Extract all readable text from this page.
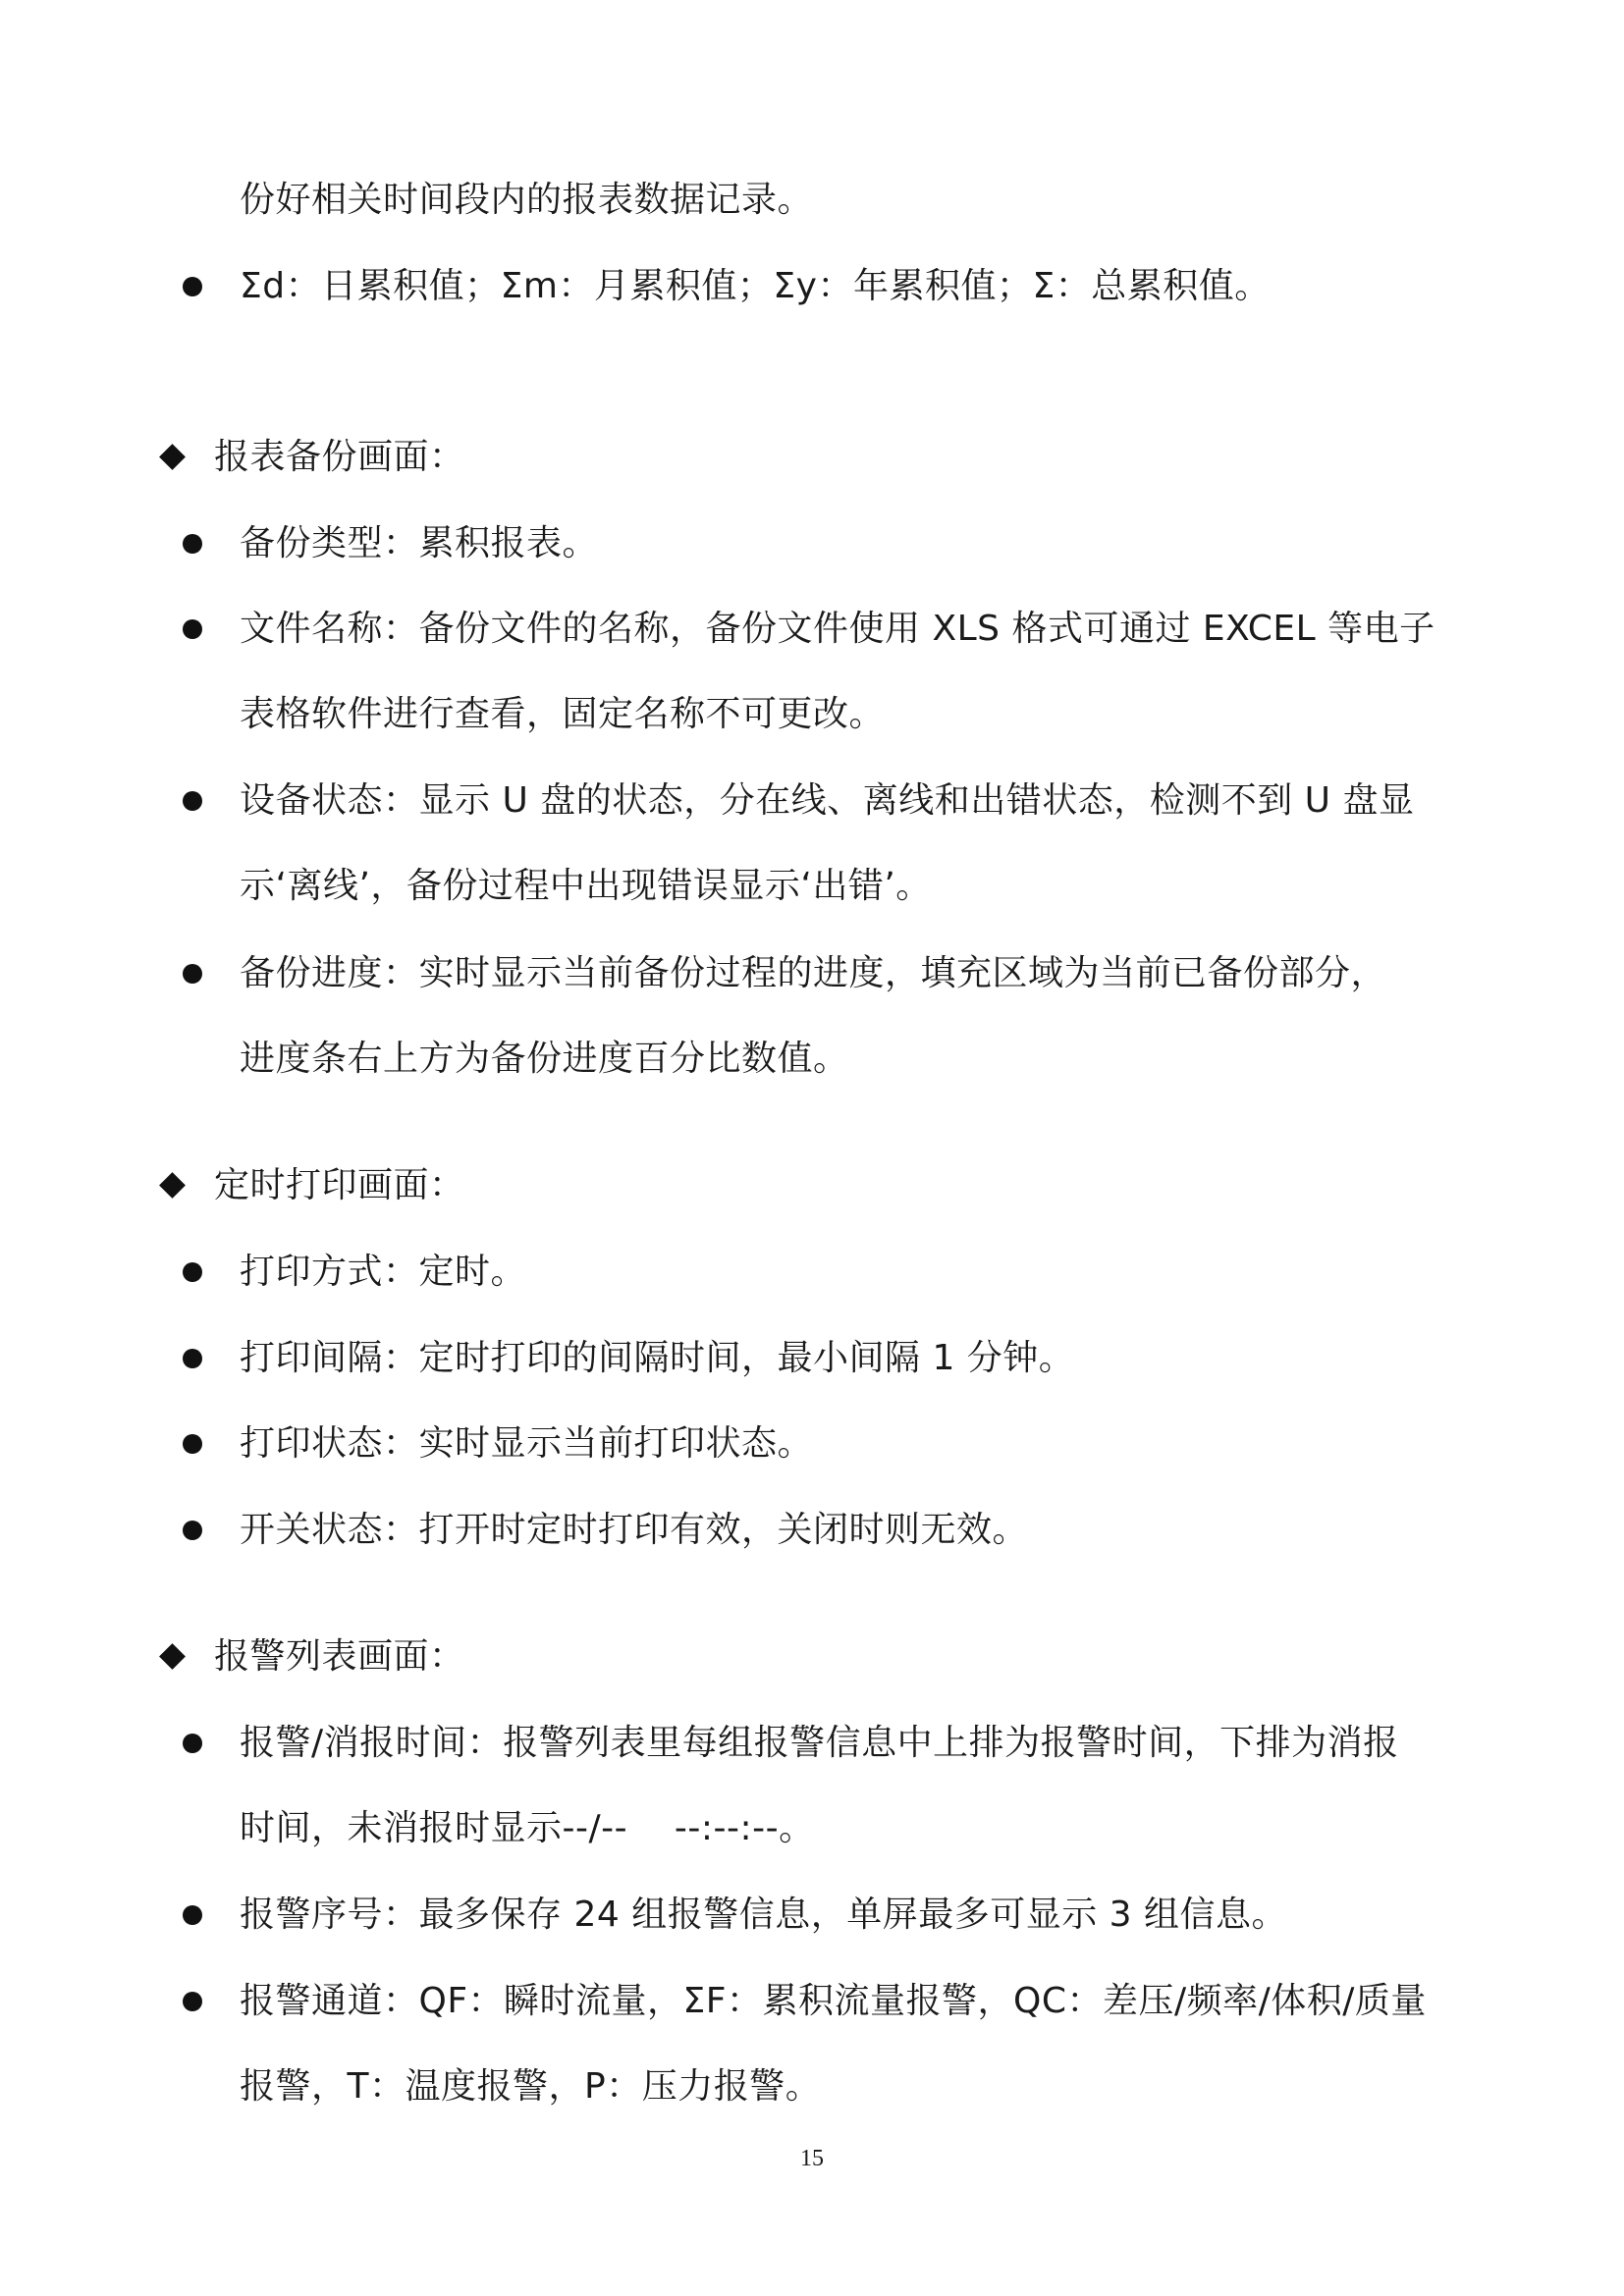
份好相关时间段内的报表数据记录。
Σd：日累积值；Σm：月累积值；Σy：年累积值；Σ：总累积值。
报表备份画面：
备份类型：累积报表。
文件名称：备份文件的名称，备份文件使用 XLS 格式可通过 EXCEL 等电子
表格软件进行查看，固定名称不可更改。
设备状态：显示 U 盘的状态，分在线、离线和出错状态，检测不到 U 盘显
示‘离线’，备份过程中出现错误显示‘出错’。
备份进度：实时显示当前备份过程的进度，填充区域为当前已备份部分，
进度条右上方为备份进度百分比数值。
定时打印画面：
打印方式：定时。
打印间隔：定时打印的间隔时间，最小间隔 1 分钟。
打印状态：实时显示当前打印状态。
开关状态：打开时定时打印有效，关闭时则无效。
报警列表画面：
报警/消报时间：报警列表里每组报警信息中上排为报警时间，下排为消报
时间，未消报时显示--/--    --:--:--。
报警序号：最多保存 24 组报警信息，单屏最多可显示 3 组信息。
报警通道：QF：瞬时流量，ΣF：累积流量报警，QC：差压/频率/体积/质量
报警，T：温度报警，P：压力报警。
15
